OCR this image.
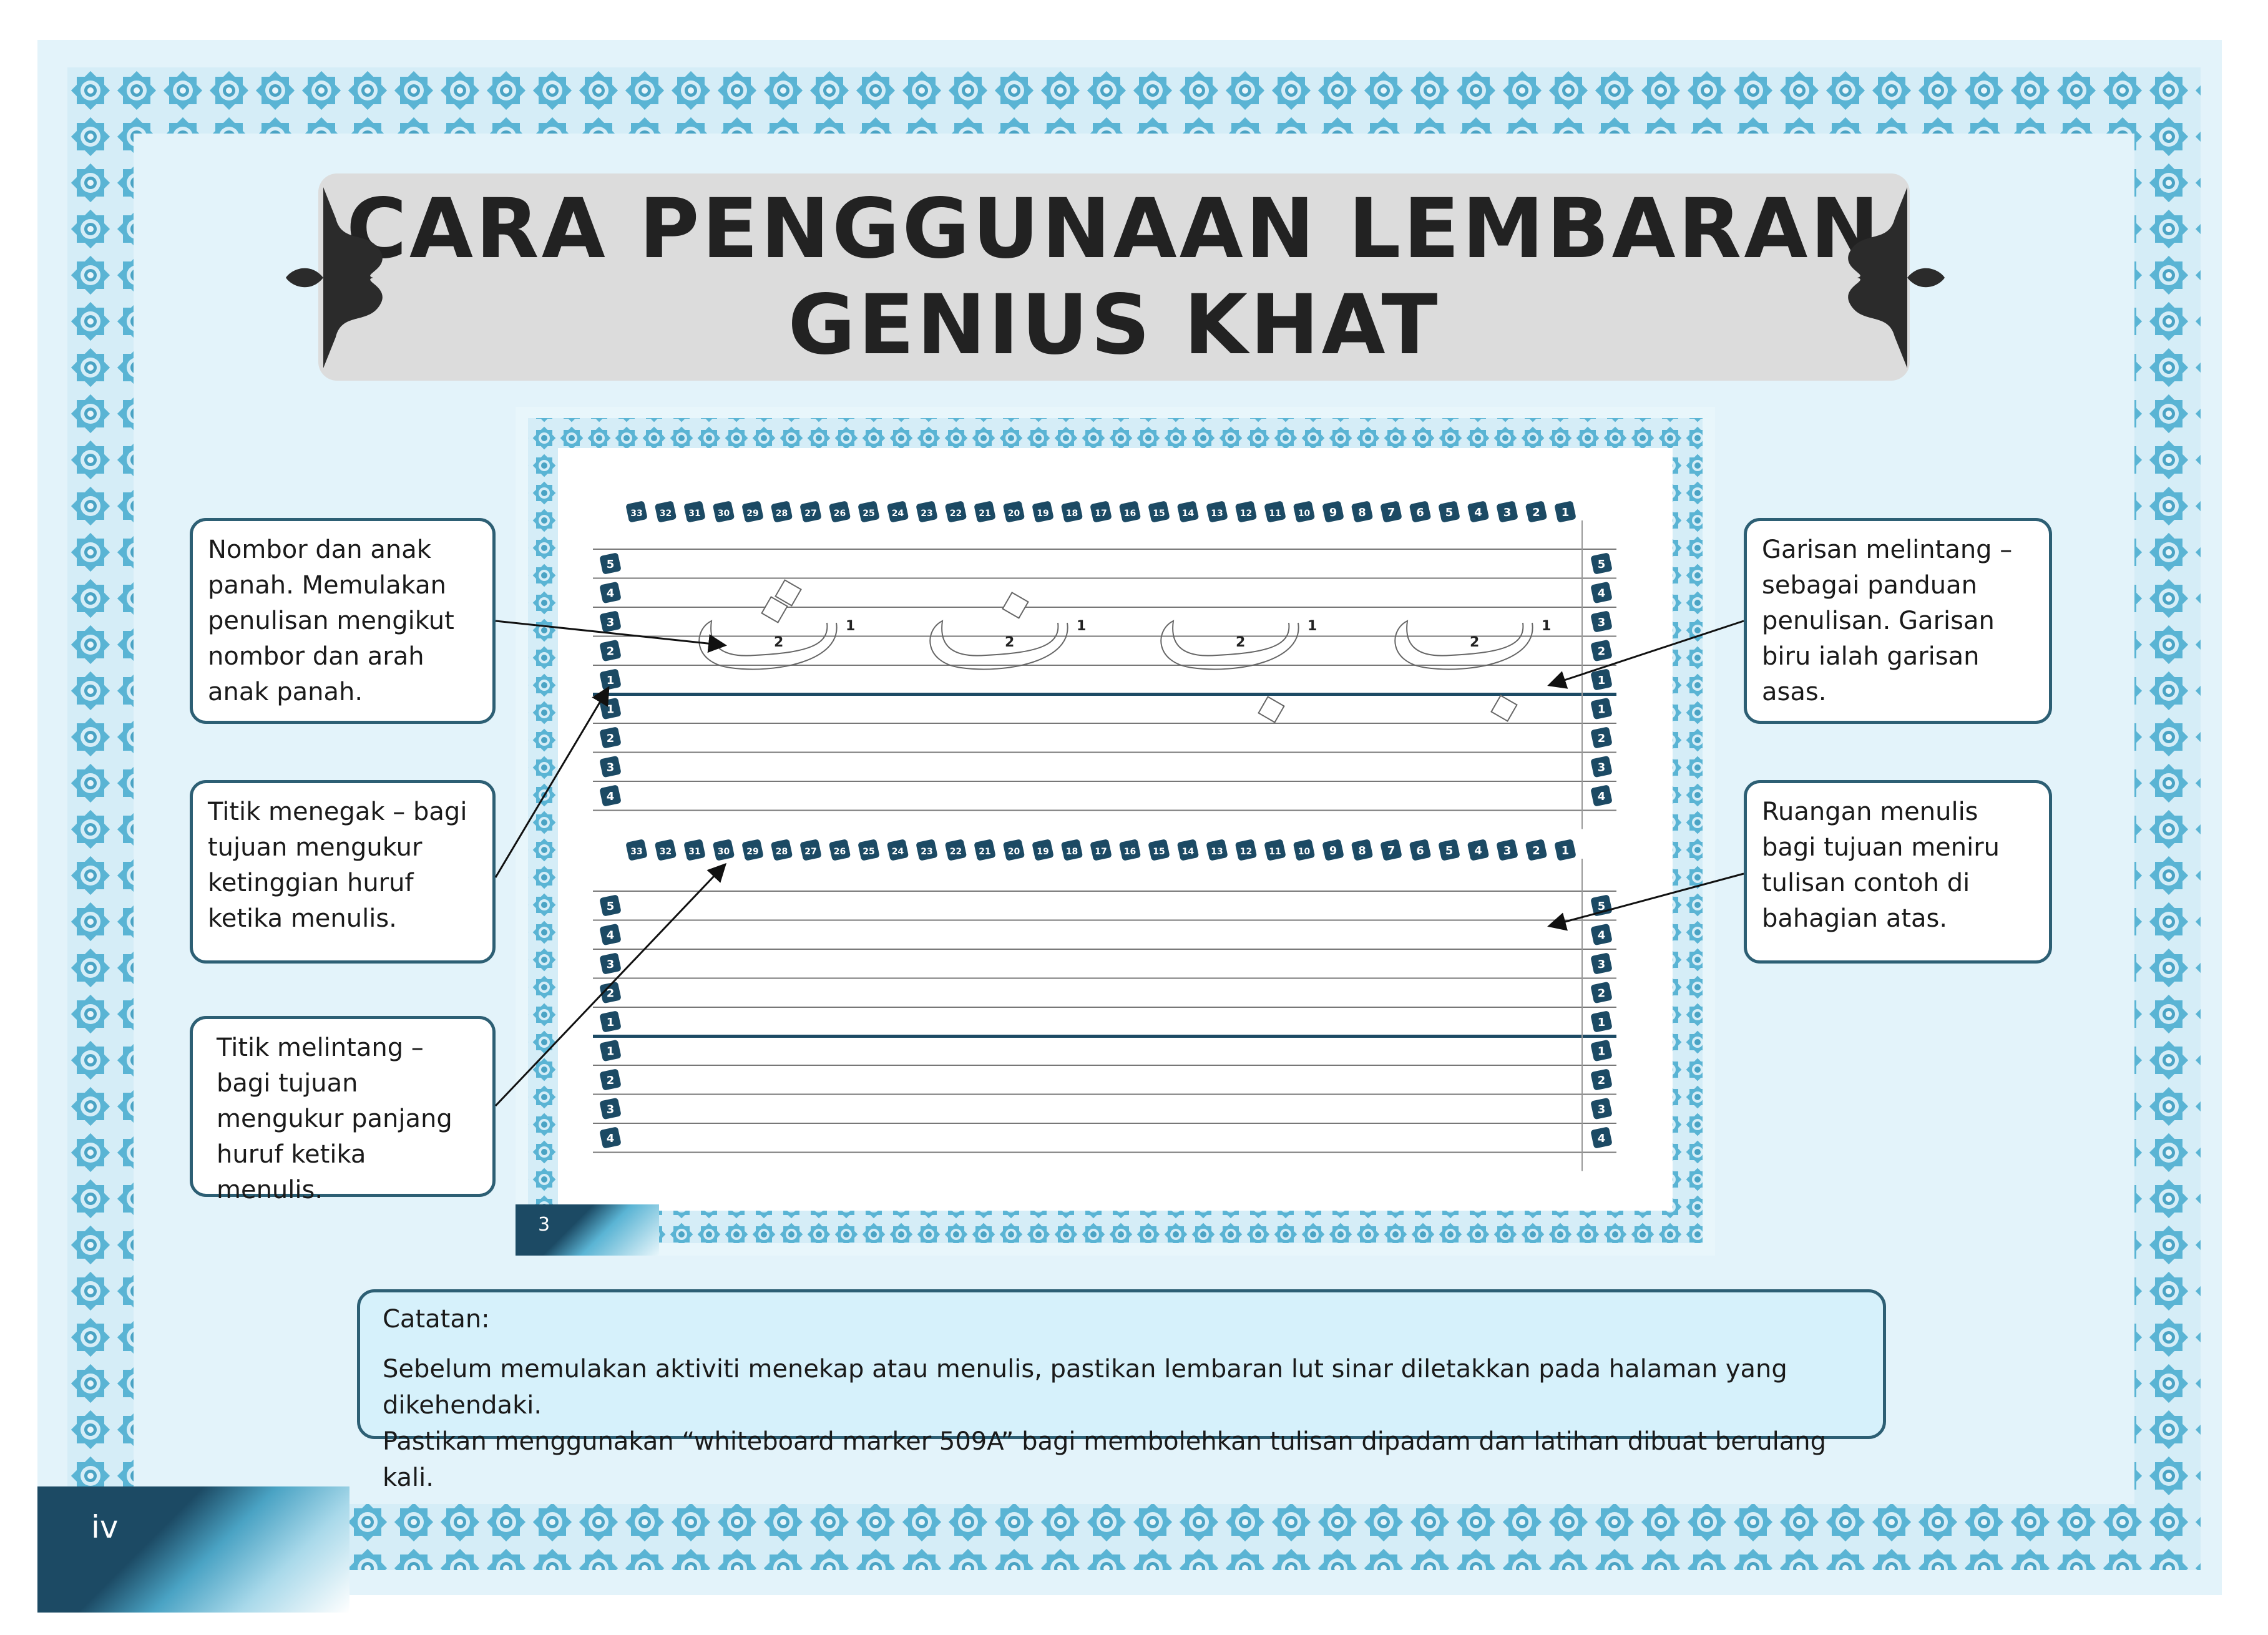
CARA PENGGUNAAN LEMBARAN GENIUS KHAT
33 32 31 30 29 28 27 26 25 24 23 22 21 20 19 18 17 16 15 14 13 12 11 10 9 8 7 6 5 4 3 2 1
5	5
4	4
3	3
2	2
1	1
1	1
2	2
3	3
4	4
33 32 31 30 29 28 27 26 25 24 23 22 21 20 19 18 17 16 15 14 13 12 11 10 9 8 7 6 5 4 3 2 1
5	5
4	4
3	3
2	2
1	1
1	1
2	2
3	3
4	4
2
1
2
1
2
1
2
1
3
Nombor dan anak panah. Memulakan penulisan mengikut nombor dan arah anak panah.
Titik menegak – bagi tujuan mengukur ketinggian huruf ketika menulis.
Titik melintang – bagi tujuan mengukur panjang huruf ketika menulis.
Garisan melintang – sebagai panduan penulisan. Garisan biru ialah garisan asas.
Ruangan menulis bagi tujuan meniru tulisan contoh di bahagian atas.
Catatan:
Sebelum memulakan aktiviti menekap atau menulis, pastikan lembaran lut sinar diletakkan pada halaman yang dikehendaki.
Pastikan menggunakan “whiteboard marker 509A” bagi membolehkan tulisan dipadam dan latihan dibuat berulang kali.
iv
